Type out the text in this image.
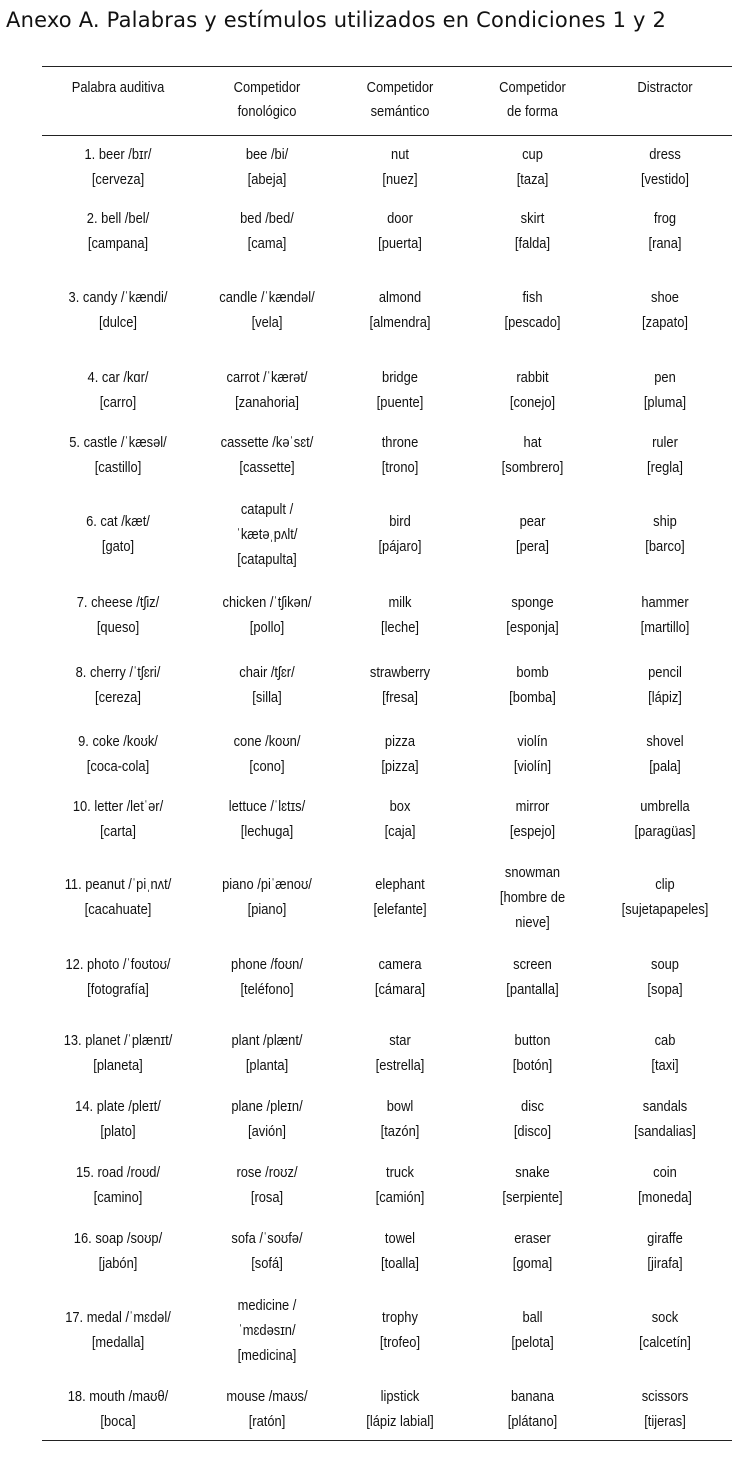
Anexo A. Palabras y estímulos utilizados en Condiciones 1 y 2
Palabra auditiva	Competidor
fonológico
Competidor
semántico
Competidor
de forma
Distractor
1. beer /bɪr/
[cerveza]
bee /bi/
[abeja]
nut
[nuez]
cup
[taza]
dress
[vestido]
2. bell /bel/
[campana]
bed /bed/
[cama]
door
[puerta]
skirt
[falda]
frog
[rana]
3. candy /ˈkændi/
[dulce]
candle /ˈkændəl/
[vela]
almond
[almendra]
fish
[pescado]
shoe
[zapato]
4. car /kɑr/
[carro]
carrot /ˈkærət/
[zanahoria]
bridge
[puente]
rabbit
[conejo]
pen
[pluma]
5. castle /ˈkæsəl/
[castillo]
cassette /kəˈsɛt/
[cassette]
throne
[trono]
hat
[sombrero]
ruler
[regla]
6. cat /kæt/
[gato]
catapult /
ˈkætəˌpʌlt/
[catapulta]
bird
[pájaro]
pear
[pera]
ship
[barco]
7. cheese /tʃiz/
[queso]
chicken /ˈtʃikən/
[pollo]
milk
[leche]
sponge
[esponja]
hammer
[martillo]
8. cherry /ˈtʃɛri/
[cereza]
chair /tʃɛr/
[silla]
strawberry
[fresa]
bomb
[bomba]
pencil
[lápiz]
9. coke /koʊk/
[coca-cola]
cone /koʊn/
[cono]
pizza
[pizza]
violín
[violín]
shovel
[pala]
10. letter /letˈər/
[carta]
lettuce /ˈlɛtɪs/
[lechuga]
box
[caja]
mirror
[espejo]
umbrella
[paragüas]
11. peanut /ˈpiˌnʌt/
[cacahuate]
piano /piˈænoʊ/
[piano]
elephant
[elefante]
snowman
[hombre de
nieve]
clip
[sujetapapeles]
12. photo /ˈfoʊtoʊ/
[fotografía]
phone /foʊn/
[teléfono]
camera
[cámara]
screen
[pantalla]
soup
[sopa]
13. planet /ˈplænɪt/
[planeta]
plant /plænt/
[planta]
star
[estrella]
button
[botón]
cab
[taxi]
14. plate /pleɪt/
[plato]
plane /pleɪn/
[avión]
bowl
[tazón]
disc
[disco]
sandals
[sandalias]
15. road /roʊd/
[camino]
rose /roʊz/
[rosa]
truck
[camión]
snake
[serpiente]
coin
[moneda]
16. soap /soʊp/
[jabón]
sofa /ˈsoʊfə/
[sofá]
towel
[toalla]
eraser
[goma]
giraffe
[jirafa]
17. medal /ˈmɛdəl/
[medalla]
medicine /
ˈmɛdəsɪn/
[medicina]
trophy
[trofeo]
ball
[pelota]
sock
[calcetín]
18. mouth /maʊθ/
[boca]
mouse /maʊs/
[ratón]
lipstick
[lápiz labial]
banana
[plátano]
scissors
[tijeras]
